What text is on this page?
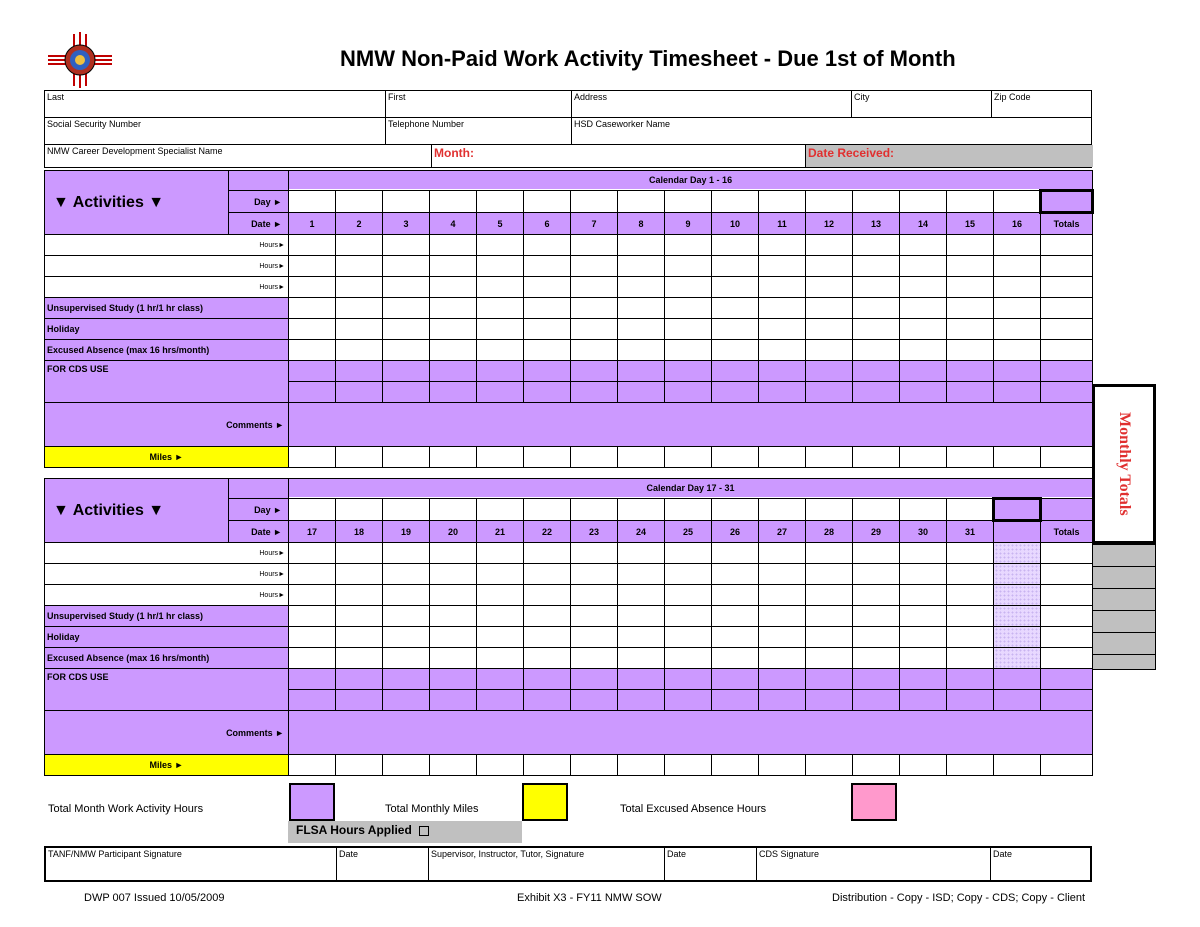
NMW Non-Paid Work Activity Timesheet - Due 1st of Month
Last	First	Address	City	Zip Code
Social Security Number	Telephone Number	HSD Caseworker Name
NMW Career Development Specialist Name	Month:	Date Received:
▼ Activities ▼		Calendar Day 1 - 16																
	Day ►																	
	Date ►	1	2	3	4	5	6	7	8	9	10	11	12	13	14	15	16	Totals
Hours►																		
Hours►																		
Hours►																		
Unsupervised Study (1 hr/1 hr class)																		
Holiday																		
Excused Absence (max 16 hrs/month)																		
FOR CDS USE																		

Comments ►																		
Miles ►																		
▼ Activities ▼		Calendar Day 17 - 31																
	Day ►																	
	Date ►	17	18	19	20	21	22	23	24	25	26	27	28	29	30	31		Totals
Hours►																		
Hours►																		
Hours►																		
Unsupervised Study (1 hr/1 hr class)																		
Holiday																		
Excused Absence (max 16 hrs/month)																		
FOR CDS USE																		

Comments ►																		
Miles ►																		
Monthly Totals
Total Month Work Activity Hours	Total Monthly Miles	Total Excused Absence Hours
FLSA Hours Applied
TANF/NMW Participant Signature	Date	Supervisor, Instructor, Tutor, Signature	Date	CDS Signature	Date
DWP 007 Issued 10/05/2009	Exhibit X3 - FY11 NMW SOW	Distribution - Copy - ISD; Copy - CDS; Copy - Client
